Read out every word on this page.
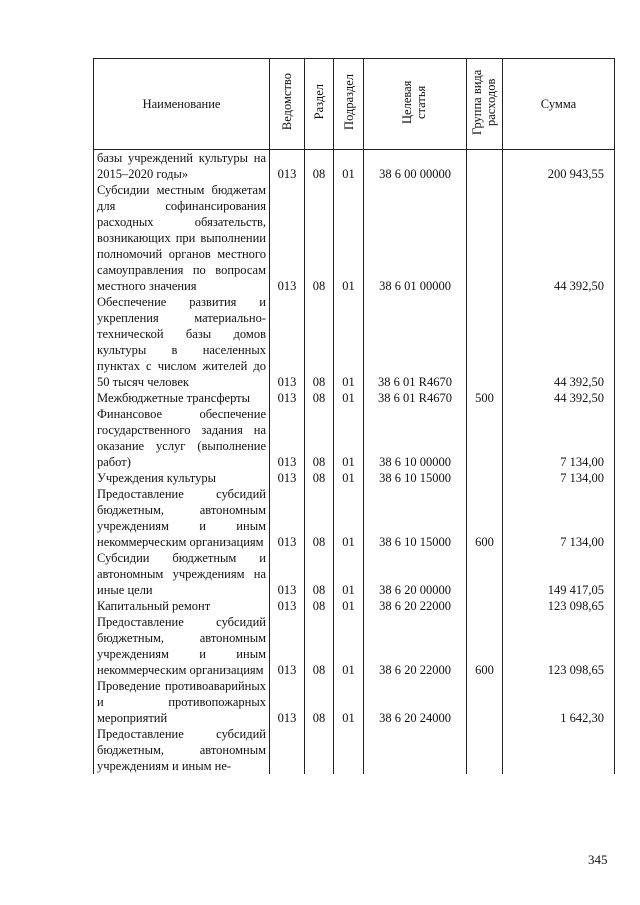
Наименование	Ведомство	Раздел	Подраздел	Целевая статья	Группа вида расходов	Сумма
базы учреждений культуры на 2015–2020 годы»	013	08	01	38 6 00 00000		200 943,55
Субсидии местным бюджетам для софинансирования расходных обязательств, возникающих при выполнении полномочий органов местного самоуправления по вопросам местного значения	013	08	01	38 6 01 00000		44 392,50
Обеспечение развития и укрепления материально-технической базы домов культуры в населенных пунктах с числом жителей до 50 тысяч человек	013	08	01	38 6 01 R4670		44 392,50
Межбюджетные трансферты	013	08	01	38 6 01 R4670	500	44 392,50
Финансовое обеспечение государственного задания на оказание услуг (выполнение работ)	013	08	01	38 6 10 00000		7 134,00
Учреждения культуры	013	08	01	38 6 10 15000		7 134,00
Предоставление субсидий бюджетным, автономным учреждениям и иным некоммерческим организациям	013	08	01	38 6 10 15000	600	7 134,00
Субсидии бюджетным и автономным учреждениям на иные цели	013	08	01	38 6 20 00000		149 417,05
Капитальный ремонт	013	08	01	38 6 20 22000		123 098,65
Предоставление субсидий бюджетным, автономным учреждениям и иным некоммерческим организациям	013	08	01	38 6 20 22000	600	123 098,65
Проведение противоаварийных и противопожарных мероприятий	013	08	01	38 6 20 24000		1 642,30
Предоставление субсидий бюджетным, автономным учреждениям и иным не-						
345
